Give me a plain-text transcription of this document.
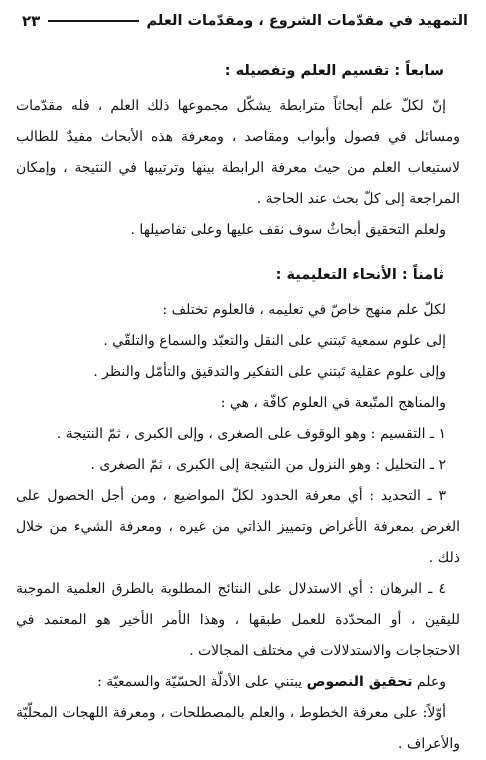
التمهيد في مقدّمات الشروع ، ومقدّمات العلم
٢٣

سابعاً : تقسيم العلم وتفصيله :

إنّ لكلّ علم أبحاثاً مترابطة يشكّل مجموعها ذلك العلم ، فله مقدّمات ومسائل في فصول وأبواب ومقاصد ، ومعرفة هذه الأبحاث مفيدٌ للطالب لاستيعاب العلم من حيث معرفة الرابطة بينها وترتيبها في النتيجة ، وإمكان المراجعة إلى كلّ بحث عند الحاجة .

ولعلم التحقيق أبحاثٌ سوف نقف عليها وعلى تفاصيلها .

ثامناً : الأنحاء التعليمية :

لكلّ علم منهج خاصّ في تعليمه ، فالعلوم تختلف :

إلى علوم سمعية تَبتني على النقل والتعبّد والسماع والتلقّي .

وإلى علوم عقلية تَبتني على التفكير والتدقيق والتأمّل والنظر .

والمناهج المتّبعة في العلوم كافّة ، هي :

١ ـ التقسيم : وهو الوقوف على الصغرى ، وإلى الكبرى ، ثمّ النتيجة .

٢ ـ التحليل : وهو النزول من النتيجة إلى الكبرى ، ثمّ الصغرى .

٣ ـ التحديد : أي معرفة الحدود لكلّ المواضيع ، ومن أجل الحصول على الغرض بمعرفة الأغراض وتمييز الذاتي من غيره ، ومعرفة الشيء من خلال ذلك .

٤ ـ البرهان : أي الاستدلال على النتائج المطلوبة بالطرق العلمية الموجبة لليقين ، أو المحدّدة للعمل طبقها ، وهذا الأمر الأخير هو المعتمد في الاحتجاجات والاستدلالات في مختلف المجالات .

وعلم تحقيق النصوص يبتني على الأدلّة الحسّيّة والسمعيّة :

أوّلاً: على معرفة الخطوط ، والعلم بالمصطلحات ، ومعرفة اللهجات المحلّيّة والأعراف .
